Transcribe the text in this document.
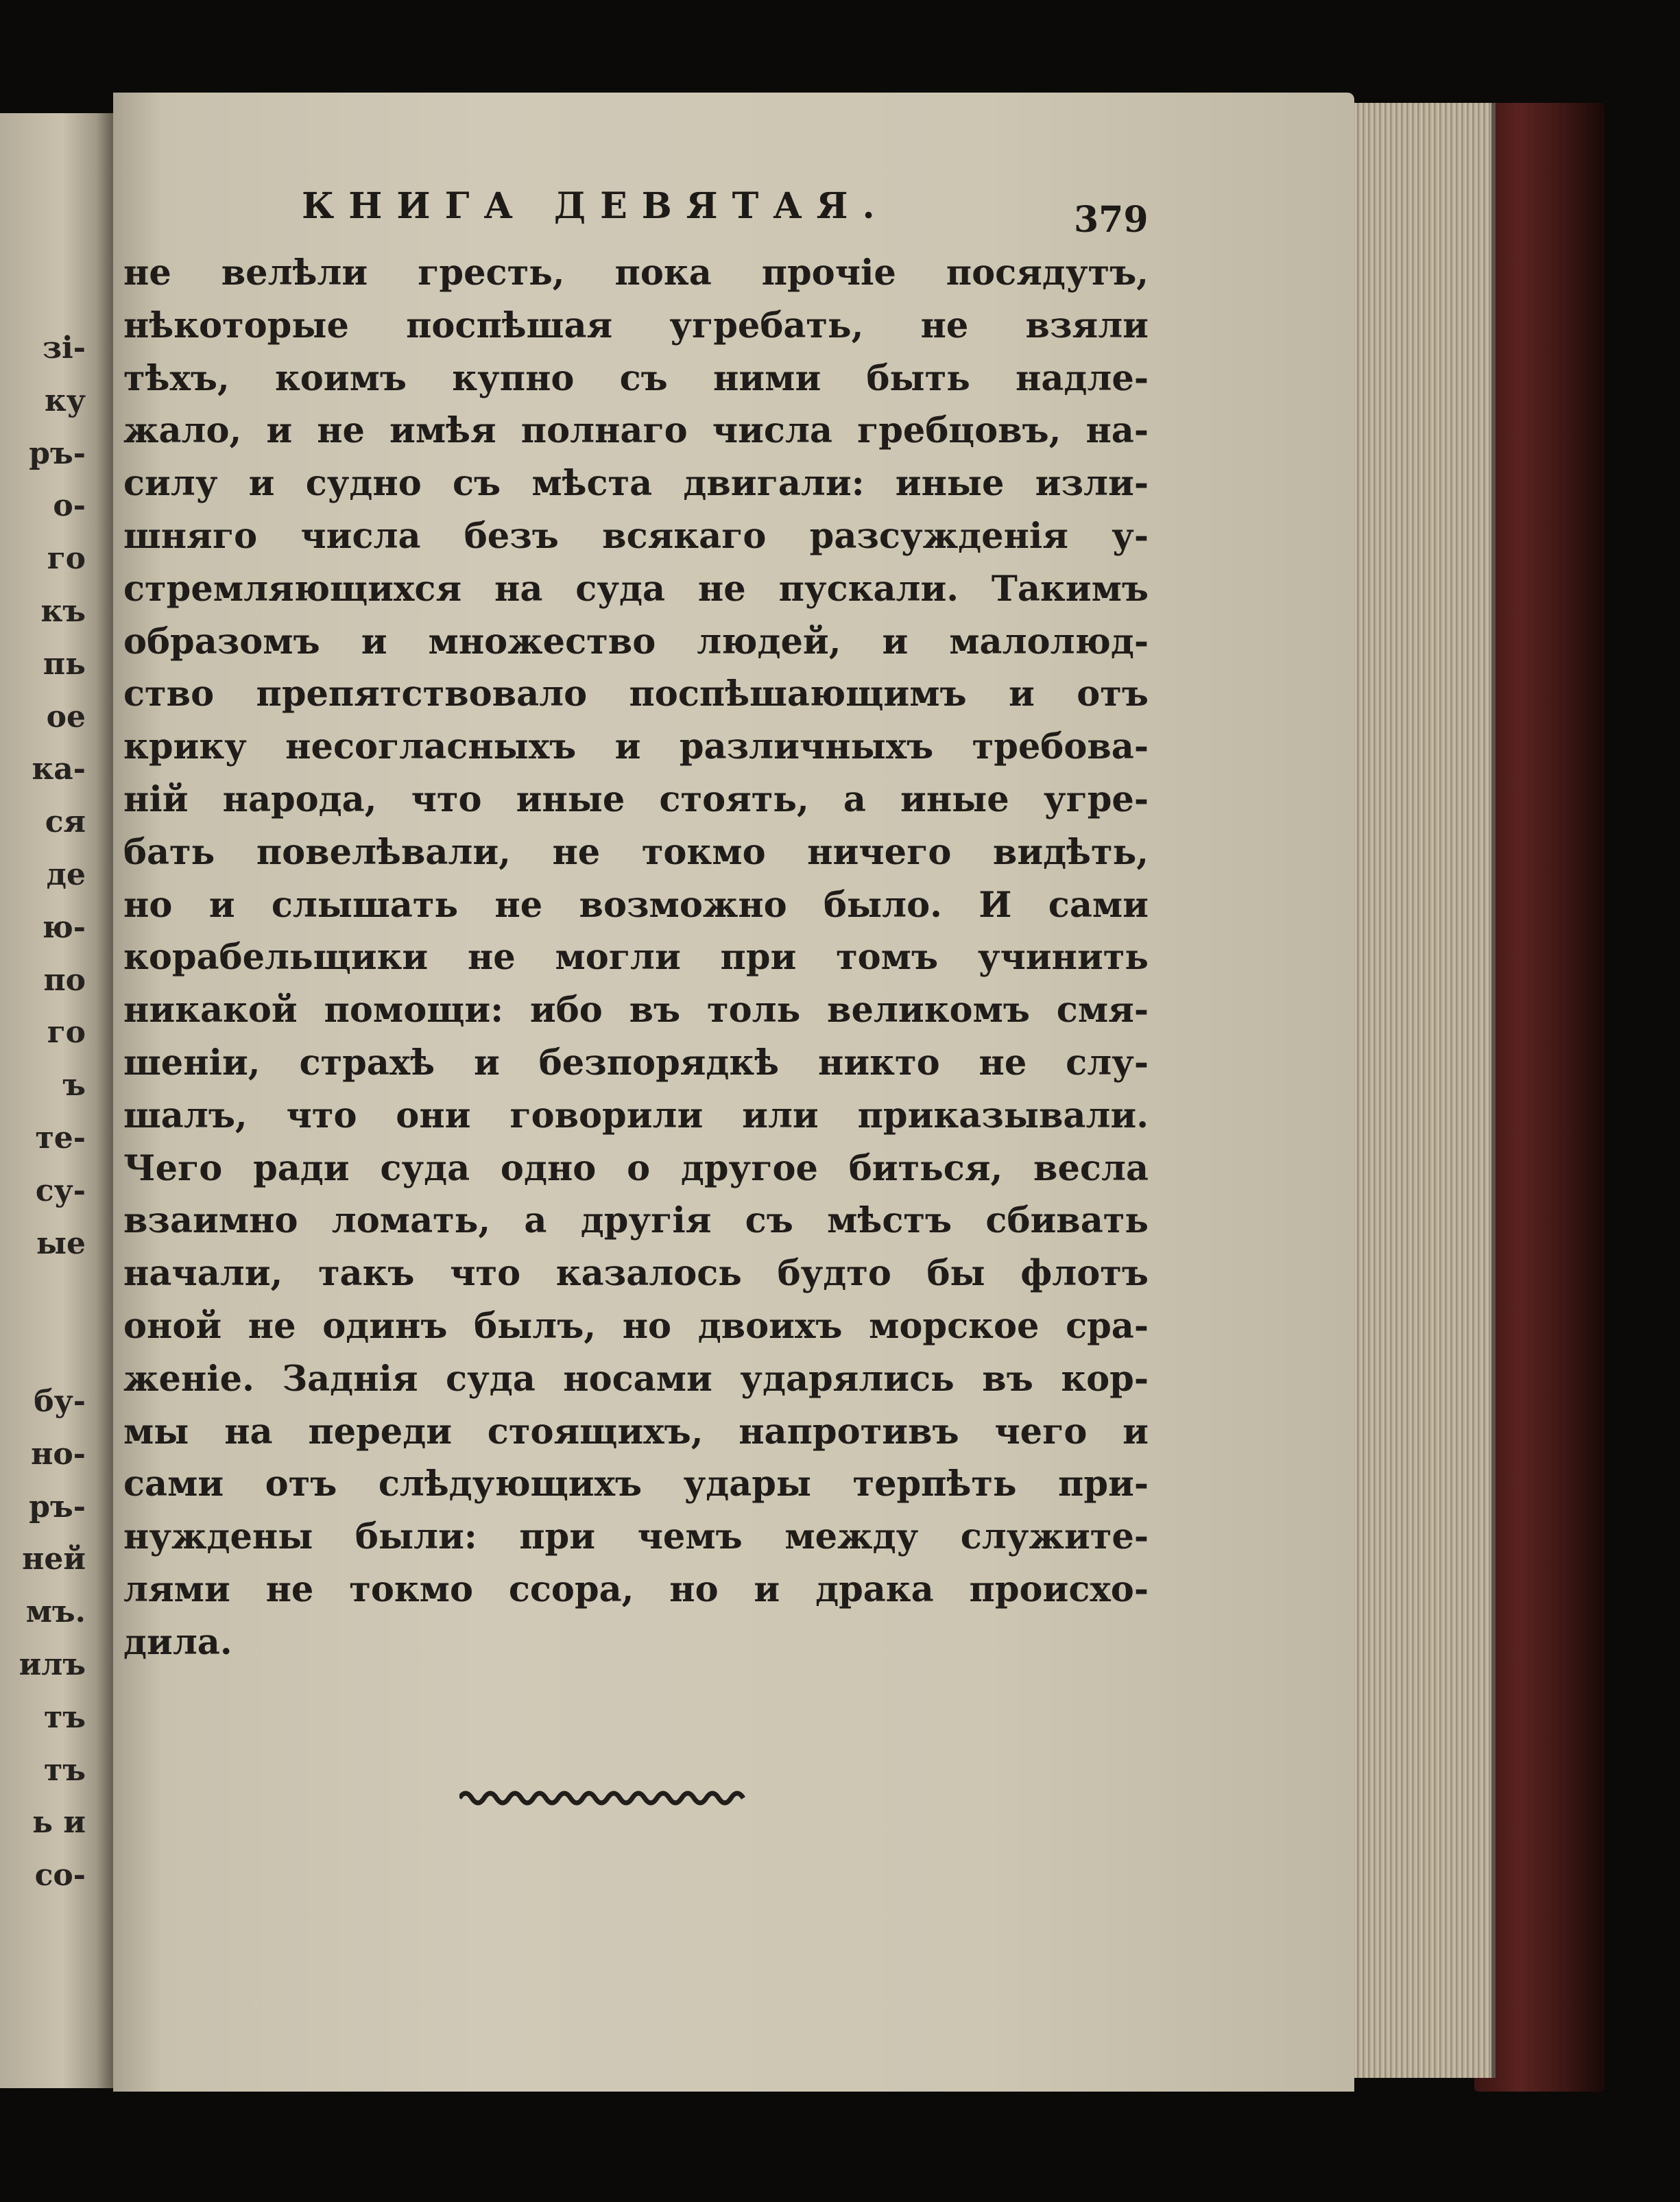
зі-
ку
ръ-
о-
го
къ
пь
ое
ка-
ся
де
ю-
по
го
ъ
те-
су-
ые
бу-
но-
ръ-
ней
мъ.
илъ
тъ
тъ
ь и
со-
КНИГА ДЕВЯТАЯ.	379
не велѣли гресть, пока прочіе посядутъ,
нѣкоторые поспѣшая угребать, не взяли
тѣхъ, коимъ купно съ ними быть надле-
жало, и не имѣя полнаго числа гребцовъ, на-
силу и судно съ мѣста двигали: иные изли-
шняго числа безъ всякаго разсужденія у-
стремляющихся на суда не пускали. Такимъ
образомъ и множество людей, и малолюд-
ство препятствовало поспѣшающимъ и отъ
крику несогласныхъ и различныхъ требова-
ній народа, что иные стоять, а иные угре-
бать повелѣвали, не токмо ничего видѣть,
но и слышать не возможно было. И сами
корабельщики не могли при томъ учинить
никакой помощи: ибо въ толь великомъ смя-
шеніи, страхѣ и безпорядкѣ никто не слу-
шалъ, что они говорили или приказывали.
Чего ради суда одно о другое биться, весла
взаимно ломать, а другія съ мѣстъ сбивать
начали, такъ что казалось будто бы флотъ
оной не одинъ былъ, но двоихъ морское сра-
женіе. Заднія суда носами ударялись въ кор-
мы на переди стоящихъ, напротивъ чего и
сами отъ слѣдующихъ удары терпѣть при-
нуждены были: при чемъ между служите-
лями не токмо ссора, но и драка происхо-
дила.
